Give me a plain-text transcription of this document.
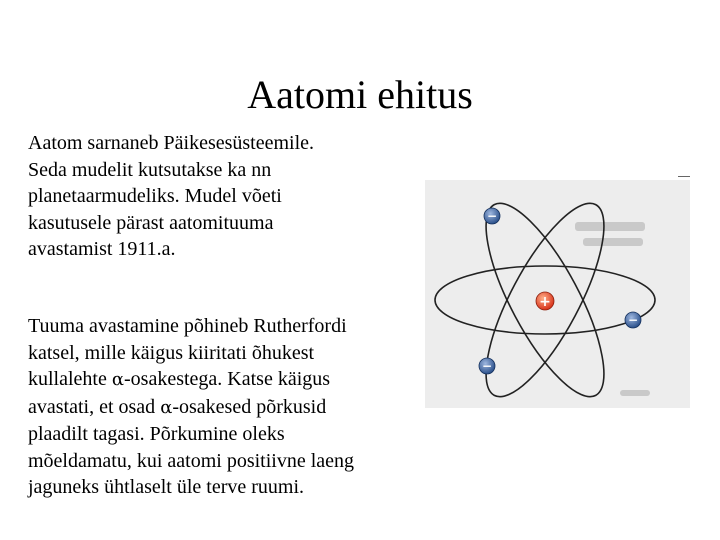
Aatomi ehitus
Aatom sarnaneb Päikesesüsteemile.
Seda mudelit kutsutakse ka nn
planetaarmudeliks. Mudel võeti
kasutusele pärast aatomituuma
avastamist 1911.a.
Tuuma avastamine põhineb Rutherfordi
katsel, mille käigus kiiritati õhukest
kullalehte α-osakestega. Katse käigus
avastati, et osad α-osakesed põrkusid
plaadilt tagasi. Põrkumine oleks
mõeldamatu, kui aatomi positiivne laeng
jaguneks ühtlaselt üle terve ruumi.
+
−
−
−
